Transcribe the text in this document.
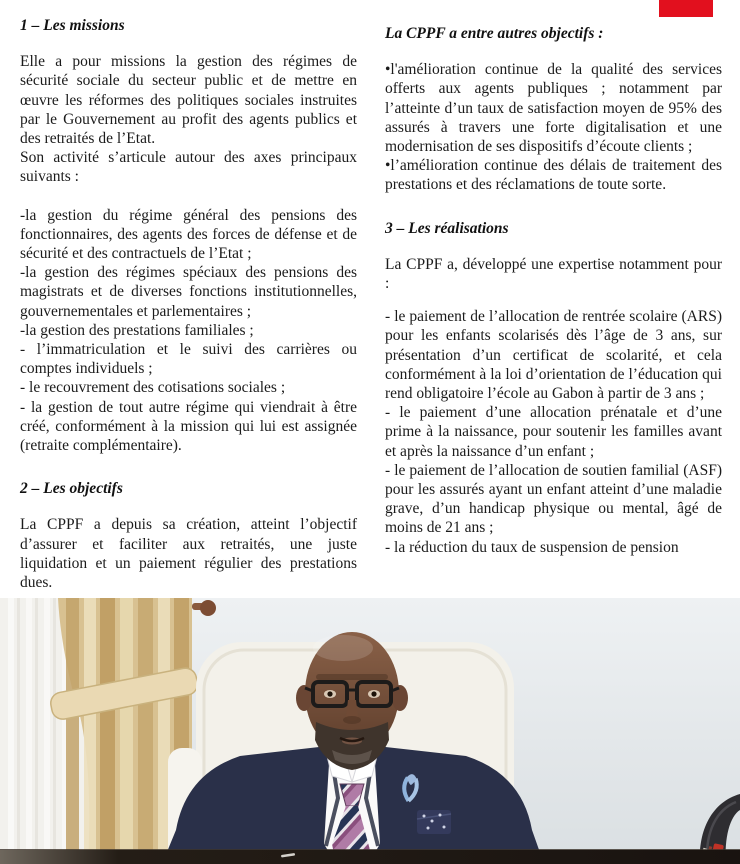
1 – Les missions

Elle a pour missions la gestion des régimes de sécurité sociale du secteur public et de mettre en œuvre les réformes des politiques sociales instruites par le Gouvernement au profit des agents publics et des retraités de l’Etat.

Son activité s’articule autour des axes principaux suivants :

-la gestion du régime général des pensions des fonctionnaires, des agents des forces de défense et de sécurité et des contractuels de l’Etat ;

-la gestion des régimes spéciaux des pensions des magistrats et de diverses fonctions institutionnelles, gouvernementales et parlementaires ;

-la gestion des prestations familiales ;

- l’immatriculation et le suivi des carrières ou comptes individuels ;

- le recouvrement des cotisations sociales ;

- la gestion de tout autre régime qui viendrait à être créé, conformément à la mission qui lui est assignée (retraite complémentaire).

2 – Les objectifs

La CPPF a depuis sa création, atteint l’objectif d’assurer et faciliter aux retraités, une juste liquidation et un paiement régulier des prestations dues.

La CPPF a entre autres objectifs :

•l'amélioration continue de la qualité des services offerts aux agents publiques ; notamment par l’atteinte d’un taux de satisfaction moyen de 95% des assurés à travers une forte digitalisation et une modernisation de ses dispositifs d’écoute clients ;

•l’amélioration continue des délais de traitement des prestations et des réclamations de toute sorte.

3 – Les réalisations

La CPPF a, développé une expertise notamment pour :

- le paiement de l’allocation de rentrée scolaire (ARS) pour les enfants scolarisés dès l’âge de 3 ans, sur présentation d’un certificat de scolarité, et cela conformément à la loi d’orientation de l’éducation qui rend obligatoire l’école au Gabon à partir de 3 ans ;

- le paiement d’une allocation prénatale et d’une prime à la naissance, pour soutenir les familles avant et après la naissance d’un enfant ;

- le paiement de l’allocation de soutien familial (ASF) pour les assurés ayant un enfant atteint d’une maladie grave, d’un handicap physique ou mental, âgé de moins de 21 ans ;

- la réduction du taux de suspension de pension
